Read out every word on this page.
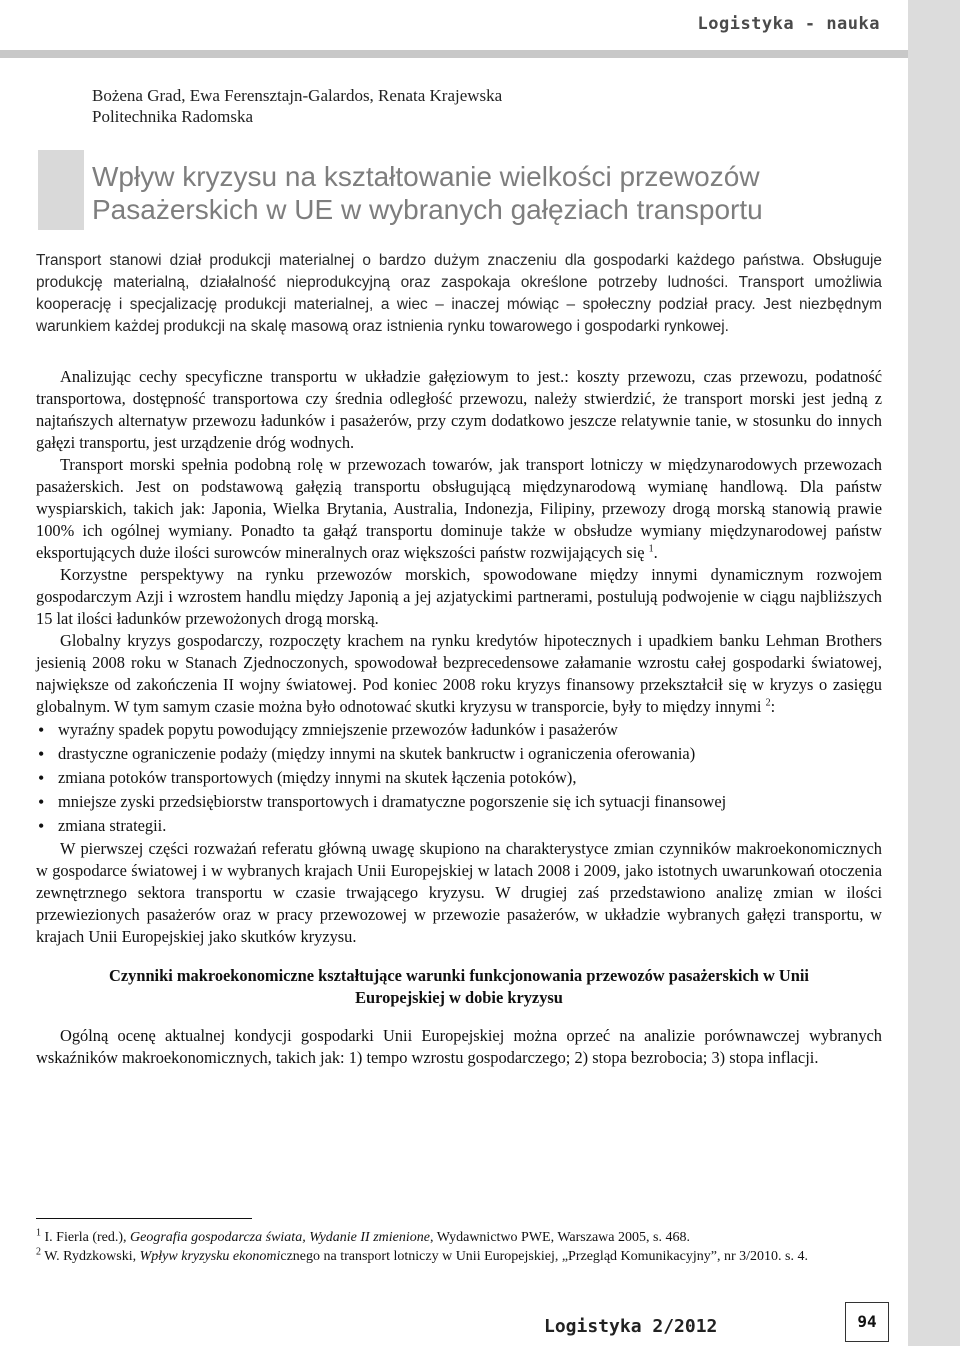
Logistyka - nauka
Bożena Grad, Ewa Ferensztajn-Galardos, Renata Krajewska
Politechnika Radomska
Wpływ kryzysu na kształtowanie wielkości przewozów
Pasażerskich w UE w wybranych gałęziach transportu

Transport stanowi dział produkcji materialnej o bardzo dużym znaczeniu dla gospodarki każdego państwa. Obsługuje produkcję materialną, działalność nieprodukcyjną oraz zaspokaja określone potrzeby ludności. Transport umożliwia kooperację i specjalizację produkcji materialnej, a wiec – inaczej mówiąc – społeczny podział pracy. Jest niezbędnym warunkiem każdej produkcji na skalę masową oraz istnienia rynku towarowego i gospodarki rynkowej.

Analizując cechy specyficzne transportu w układzie gałęziowym to jest.: koszty przewozu, czas przewozu, podatność transportowa, dostępność transportowa czy średnia odległość przewozu, należy stwierdzić, że transport morski jest jedną z najtańszych alternatyw przewozu ładunków i pasażerów, przy czym dodatkowo jeszcze relatywnie tanie, w stosunku do innych gałęzi transportu, jest urządzenie dróg wodnych.

Transport morski spełnia podobną rolę w przewozach towarów, jak transport lotniczy w międzynarodowych przewozach pasażerskich. Jest on podstawową gałęzią transportu obsługującą międzynarodową wymianę handlową. Dla państw wyspiarskich, takich jak: Japonia, Wielka Brytania, Australia, Indonezja, Filipiny, przewozy drogą morską stanowią prawie 100% ich ogólnej wymiany. Ponadto ta gałąź transportu dominuje także w obsłudze wymiany międzynarodowej państw eksportujących duże ilości surowców mineralnych oraz większości państw rozwijających się $^1$.

Korzystne perspektywy na rynku przewozów morskich, spowodowane między innymi dynamicznym rozwojem gospodarczym Azji i wzrostem handlu między Japonią a jej azjatyckimi partnerami, postulują podwojenie w ciągu najbliższych 15 lat ilości ładunków przewożonych drogą morską.

Globalny kryzys gospodarczy, rozpoczęty krachem na rynku kredytów hipotecznych i upadkiem banku Lehman Brothers jesienią 2008 roku w Stanach Zjednoczonych, spowodował bezprecedensowe załamanie wzrostu całej gospodarki światowej, największe od zakończenia II wojny światowej. Pod koniec 2008 roku kryzys finansowy przekształcił się w kryzys o zasięgu globalnym. W tym samym czasie można było odnotować skutki kryzysu w transporcie, były to między innymi $^2$:

• wyraźny spadek popytu powodujący zmniejszenie przewozów ładunków i pasażerów
• drastyczne ograniczenie podaży (między innymi na skutek bankructw i ograniczenia oferowania)
• zmiana potoków transportowych (między innymi na skutek łączenia potoków),
• mniejsze zyski przedsiębiorstw transportowych i dramatyczne pogorszenie się ich sytuacji finansowej
• zmiana strategii.

W pierwszej części rozważań referatu główną uwagę skupiono na charakterystyce zmian czynników makroekonomicznych w gospodarce światowej i w wybranych krajach Unii Europejskiej w latach 2008 i 2009, jako istotnych uwarunkowań otoczenia zewnętrznego sektora transportu w czasie trwającego kryzysu. W drugiej zaś przedstawiono analizę zmian w ilości przewiezionych pasażerów oraz w pracy przewozowej w przewozie pasażerów, w układzie wybranych gałęzi transportu, w krajach Unii Europejskiej jako skutków kryzysu.

Czynniki makroekonomiczne kształtujące warunki funkcjonowania przewozów pasażerskich w Unii Europejskiej w dobie kryzysu

Ogólną ocenę aktualnej kondycji gospodarki Unii Europejskiej można oprzeć na analizie porównawczej wybranych wskaźników makroekonomicznych, takich jak: 1) tempo wzrostu gospodarczego; 2) stopa bezrobocia; 3) stopa inflacji.

$^1$ I. Fierla (red.), Geografia gospodarcza świata, Wydanie II zmienione, Wydawnictwo PWE, Warszawa 2005, s. 468.

$^2$ W. Rydzkowski, Wpływ kryzysku ekonomicznego na transport lotniczy w Unii Europejskiej, „Przegląd Komunikacyjny”, nr 3/2010. s. 4.

Logistyka 2/2012	94
